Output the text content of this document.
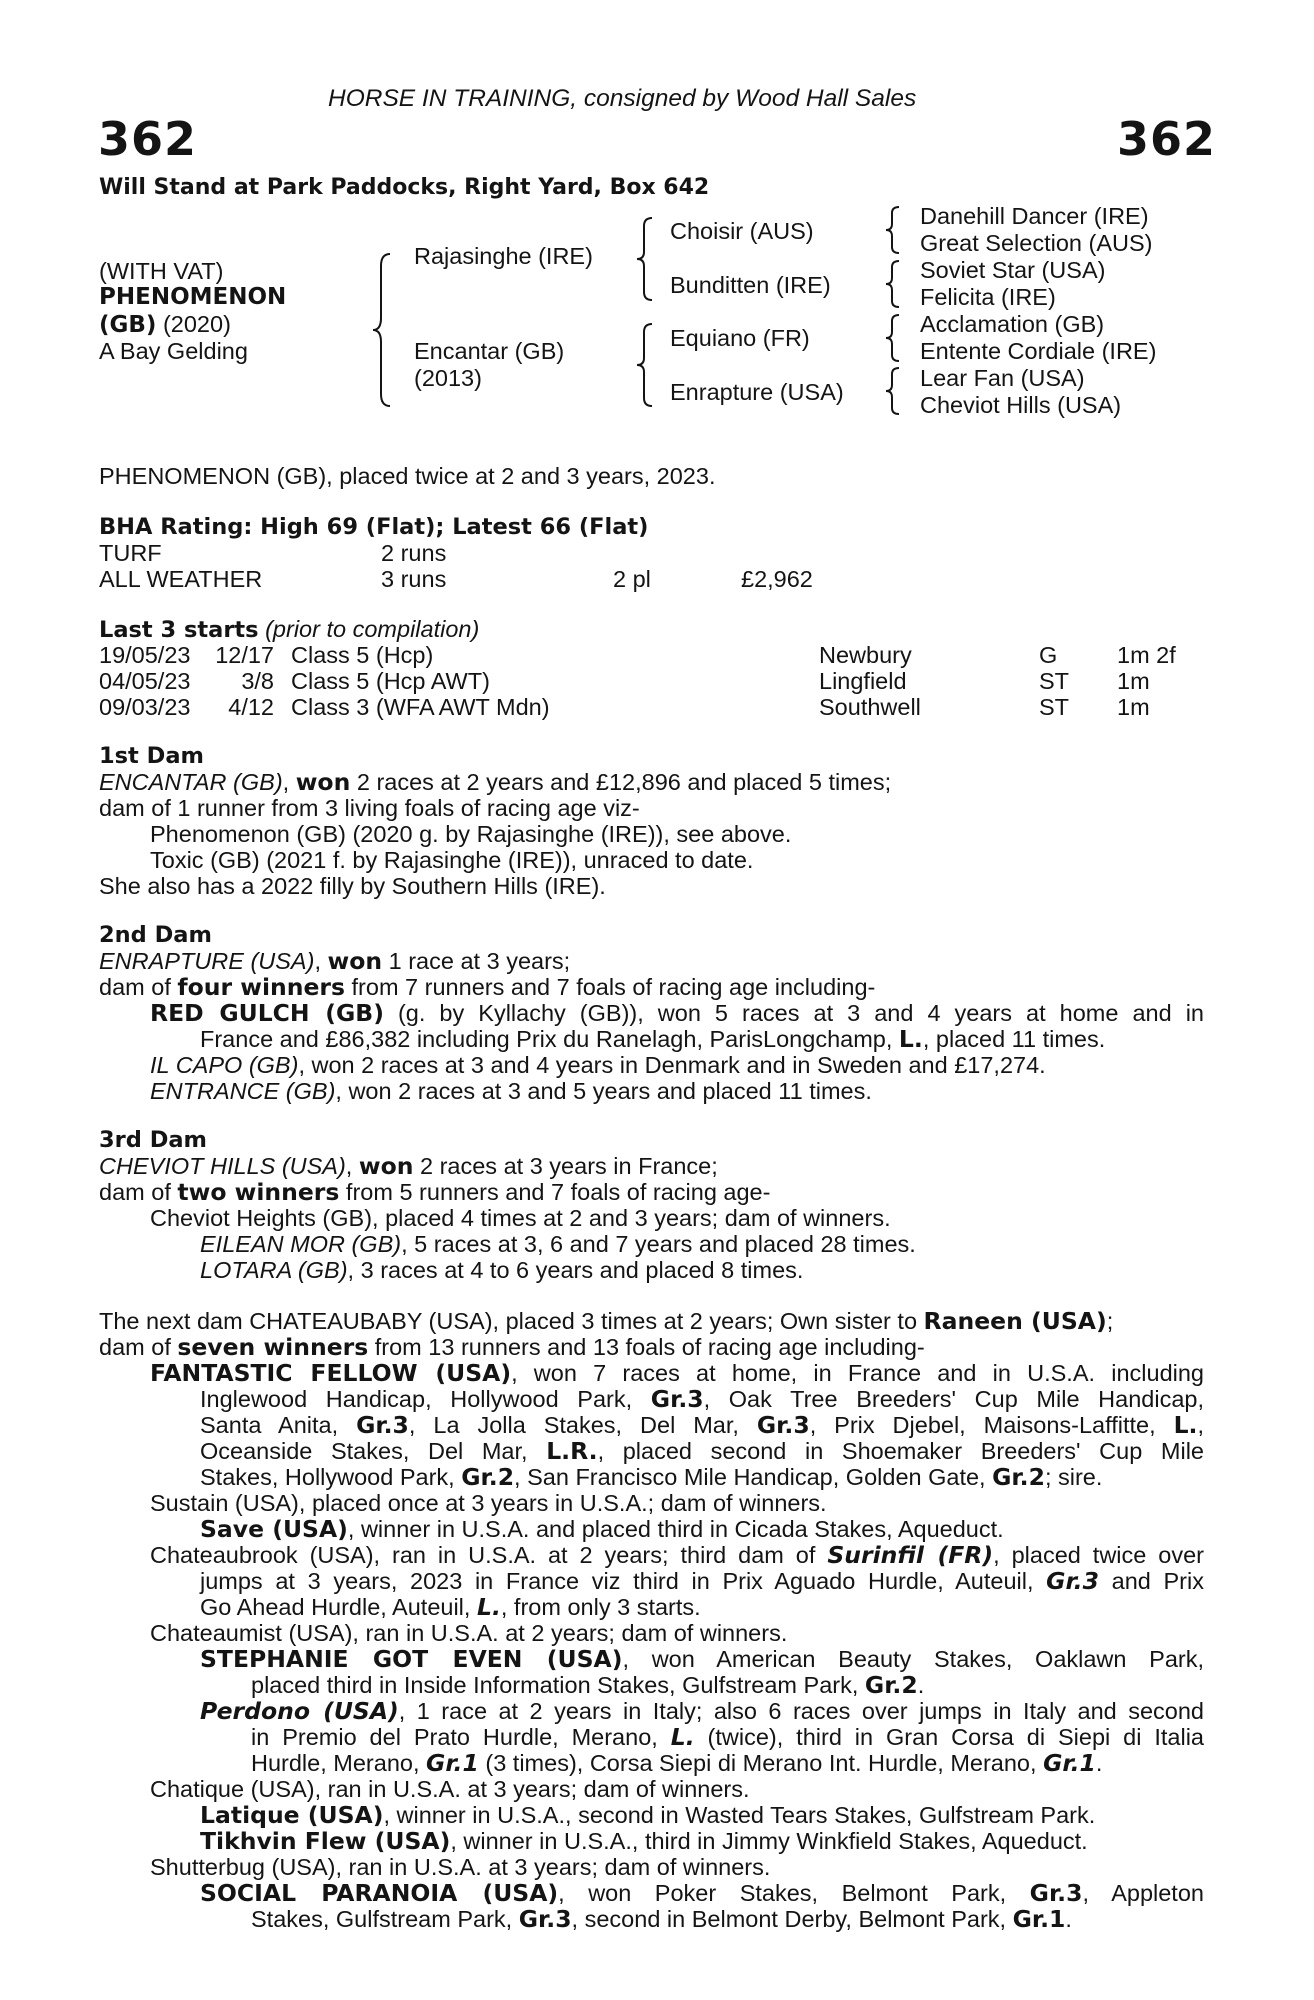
HORSE IN TRAINING, consigned by Wood Hall Sales
362	362
Will Stand at Park Paddocks, Right Yard, Box 642
(WITH VAT)
PHENOMENON
(GB) (2020)
A Bay Gelding
Rajasinghe (IRE)
Encantar (GB)
(2013)
Choisir (AUS)
Bunditten (IRE)
Equiano (FR)
Enrapture (USA)
Danehill Dancer (IRE)
Great Selection (AUS)
Soviet Star (USA)
Felicita (IRE)
Acclamation (GB)
Entente Cordiale (IRE)
Lear Fan (USA)
Cheviot Hills (USA)
PHENOMENON (GB), placed twice at 2 and 3 years, 2023.
BHA Rating: High 69 (Flat); Latest 66 (Flat)
TURF	2 runs
ALL WEATHER	3 runs	2 pl	£2,962
Last 3 starts (prior to compilation)
19/05/23 12/17 Class 5 (Hcp)	Newbury	G	1m 2f
04/05/23	3/8 Class 5 (Hcp AWT)	Lingfield	ST 1m
09/03/23	4/12 Class 3 (WFA AWT Mdn)	Southwell	ST 1m
1st Dam
ENCANTAR (GB), won 2 races at 2 years and £12,896 and placed 5 times;
dam of 1 runner from 3 living foals of racing age viz-
Phenomenon (GB) (2020 g. by Rajasinghe (IRE)), see above.
Toxic (GB) (2021 f. by Rajasinghe (IRE)), unraced to date.
She also has a 2022 filly by Southern Hills (IRE).
2nd Dam
ENRAPTURE (USA), won 1 race at 3 years;
dam of four winners from 7 runners and 7 foals of racing age including-
RED GULCH (GB) (g. by Kyllachy (GB)), won 5 races at 3 and 4 years at home and in
France and £86,382 including Prix du Ranelagh, ParisLongchamp, L., placed 11 times.
IL CAPO (GB), won 2 races at 3 and 4 years in Denmark and in Sweden and £17,274.
ENTRANCE (GB), won 2 races at 3 and 5 years and placed 11 times.
3rd Dam
CHEVIOT HILLS (USA), won 2 races at 3 years in France;
dam of two winners from 5 runners and 7 foals of racing age-
Cheviot Heights (GB), placed 4 times at 2 and 3 years; dam of winners.
EILEAN MOR (GB), 5 races at 3, 6 and 7 years and placed 28 times.
LOTARA (GB), 3 races at 4 to 6 years and placed 8 times.
The next dam CHATEAUBABY (USA), placed 3 times at 2 years; Own sister to Raneen (USA);
dam of seven winners from 13 runners and 13 foals of racing age including-
FANTASTIC FELLOW (USA), won 7 races at home, in France and in U.S.A. including
Inglewood Handicap, Hollywood Park, Gr.3, Oak Tree Breeders' Cup Mile Handicap,
Santa Anita, Gr.3, La Jolla Stakes, Del Mar, Gr.3, Prix Djebel, Maisons-Laffitte, L.,
Oceanside Stakes, Del Mar, L.R., placed second in Shoemaker Breeders' Cup Mile
Stakes, Hollywood Park, Gr.2, San Francisco Mile Handicap, Golden Gate, Gr.2; sire.
Sustain (USA), placed once at 3 years in U.S.A.; dam of winners.
Save (USA), winner in U.S.A. and placed third in Cicada Stakes, Aqueduct.
Chateaubrook (USA), ran in U.S.A. at 2 years; third dam of Surinfil (FR), placed twice over
jumps at 3 years, 2023 in France viz third in Prix Aguado Hurdle, Auteuil, Gr.3 and Prix
Go Ahead Hurdle, Auteuil, L., from only 3 starts.
Chateaumist (USA), ran in U.S.A. at 2 years; dam of winners.
STEPHANIE GOT EVEN (USA), won American Beauty Stakes, Oaklawn Park,
placed third in Inside Information Stakes, Gulfstream Park, Gr.2.
Perdono (USA), 1 race at 2 years in Italy; also 6 races over jumps in Italy and second
in Premio del Prato Hurdle, Merano, L. (twice), third in Gran Corsa di Siepi di Italia
Hurdle, Merano, Gr.1 (3 times), Corsa Siepi di Merano Int. Hurdle, Merano, Gr.1.
Chatique (USA), ran in U.S.A. at 3 years; dam of winners.
Latique (USA), winner in U.S.A., second in Wasted Tears Stakes, Gulfstream Park.
Tikhvin Flew (USA), winner in U.S.A., third in Jimmy Winkfield Stakes, Aqueduct.
Shutterbug (USA), ran in U.S.A. at 3 years; dam of winners.
SOCIAL PARANOIA (USA), won Poker Stakes, Belmont Park, Gr.3, Appleton
Stakes, Gulfstream Park, Gr.3, second in Belmont Derby, Belmont Park, Gr.1.
